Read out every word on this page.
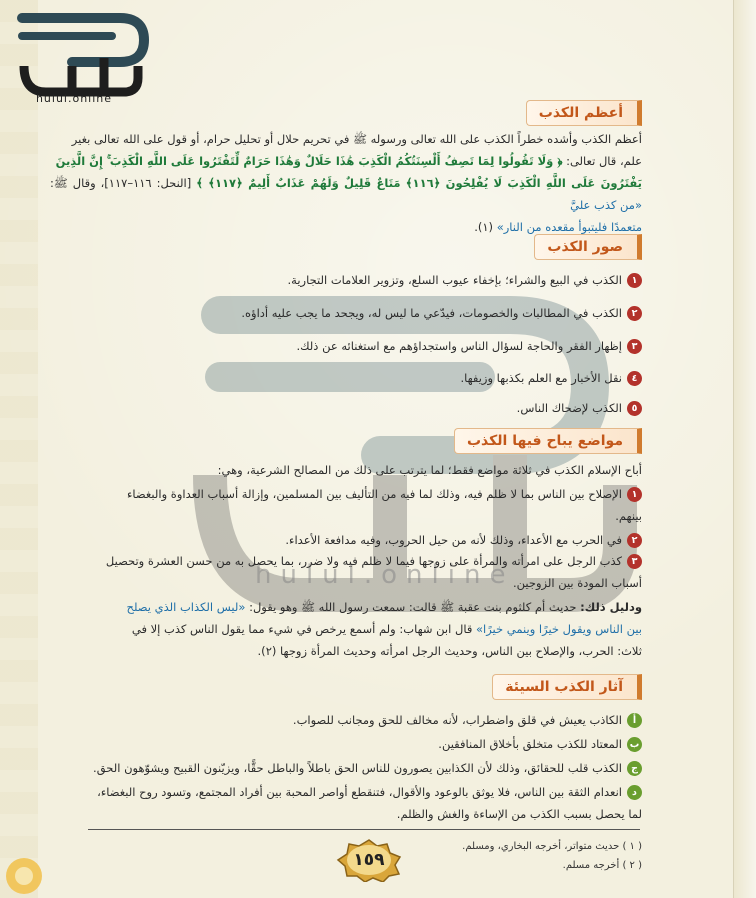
hulul.online
hulul.online
أعظم الكذب
أعظم الكذب وأشده خطراً الكذب على الله تعالى ورسوله ﷺ في تحريم حلال أو تحليل حرام، أو قول على الله تعالى بغير
علم، قال تعالى: ﴿ وَلَا تَقُولُوا لِمَا تَصِفُ أَلْسِنَتُكُمُ الْكَذِبَ هَٰذَا حَلَالٌ وَهَٰذَا حَرَامٌ لِّتَفْتَرُوا عَلَى اللَّهِ الْكَذِبَ ۚ إِنَّ الَّذِينَ
يَفْتَرُونَ عَلَى اللَّهِ الْكَذِبَ لَا يُفْلِحُونَ ﴿١١٦﴾ مَتَاعٌ قَلِيلٌ وَلَهُمْ عَذَابٌ أَلِيمٌ ﴿١١٧﴾ ﴾ [النحل: ١١٦–١١٧]، وقال ﷺ: «من كذب عليَّ
متعمدًا فليتبوأ مقعده من النار» (١).
صور الكذب
١الكذب في البيع والشراء؛ بإخفاء عيوب السلع، وتزوير العلامات التجارية.
٢الكذب في المطالبات والخصومات، فيدّعي ما ليس له، ويجحد ما يجب عليه أداؤه.
٣إظهار الفقر والحاجة لسؤال الناس واستجداؤهم مع استغنائه عن ذلك.
٤نقل الأخبار مع العلم بكذبها وزيفها.
٥الكذب لإضحاك الناس.
مواضع يباح فيها الكذب
أباح الإسلام الكذب في ثلاثة مواضع فقط؛ لما يترتب على ذلك من المصالح الشرعية، وهي:
١الإصلاح بين الناس بما لا ظلم فيه، وذلك لما فيه من التأليف بين المسلمين، وإزالة أسباب العداوة والبغضاء
بينهم.
٢في الحرب مع الأعداء، وذلك لأنه من حيل الحروب، وفيه مدافعة الأعداء.
٣كذب الرجل على امرأته والمرأة على زوجها فيما لا ظلم فيه ولا ضرر، بما يحصل به من حسن العشرة وتحصيل
أسباب المودة بين الزوجين.
ودليل ذلك: حديث أم كلثوم بنت عقبة ﷺ قالت: سمعت رسول الله ﷺ وهو يقول: «ليس الكذاب الذي يصلح
بين الناس ويقول خيرًا وينمي خيرًا» قال ابن شهاب: ولم أسمع يرخص في شيء مما يقول الناس كذب إلا في
ثلاث: الحرب، والإصلاح بين الناس، وحديث الرجل امرأته وحديث المرأة زوجها (٢).
آثار الكذب السيئة
أالكاذب يعيش في قلق واضطراب، لأنه مخالف للحق ومجانب للصواب.
بالمعتاد للكذب متخلق بأخلاق المنافقين.
جالكذب قلب للحقائق، وذلك لأن الكذابين يصورون للناس الحق باطلاً والباطل حقًّا، ويزيّنون القبيح ويشوّهون الحق.
دانعدام الثقة بين الناس، فلا يوثق بالوعود والأقوال، فتنقطع أواصر المحبة بين أفراد المجتمع، وتسود روح البغضاء،
لما يحصل بسبب الكذب من الإساءة والغش والظلم.
( ١ ) حديث متواتر، أخرجه البخاري، ومسلم.
( ٢ ) أخرجه مسلم.
١٥٩
